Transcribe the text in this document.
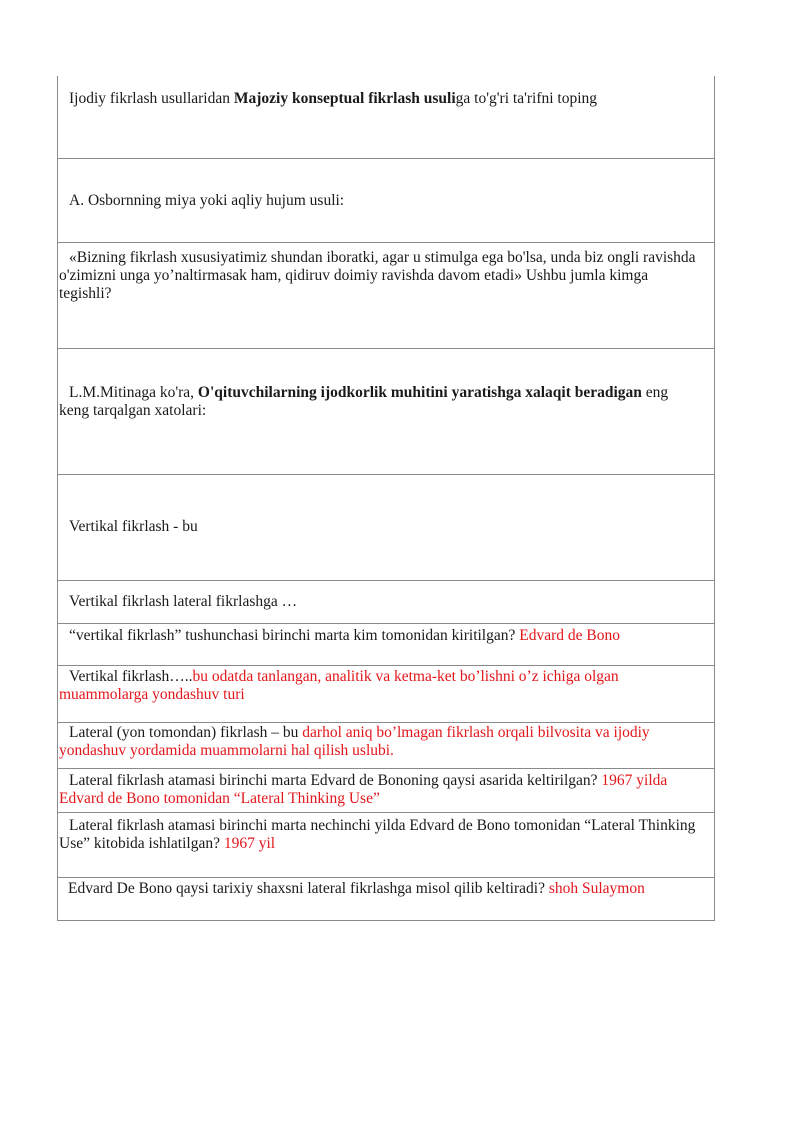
Ijodiy fikrlash usullaridan Majoziy konseptual fikrlash usuliga to'g'ri ta'rifni toping

A. Osbornning miya yoki aqliy hujum usuli:

«Bizning fikrlash xususiyatimiz shundan iboratki, agar u stimulga ega bo'lsa, unda biz ongli ravishda o'zimizni unga yo’naltirmasak ham, qidiruv doimiy ravishda davom etadi» Ushbu jumla kimga tegishli?

L.M.Mitinaga ko'ra, O'qituvchilarning ijodkorlik muhitini yaratishga xalaqit beradigan eng keng tarqalgan xatolari:

Vertikal fikrlash - bu

Vertikal fikrlash lateral fikrlashga …

“vertikal fikrlash” tushunchasi birinchi marta kim tomonidan kiritilgan? Edvard de Bono

Vertikal fikrlash…..bu odatda tanlangan, analitik va ketma-ket bo’lishni o’z ichiga olgan muammolarga yondashuv turi

Lateral (yon tomondan) fikrlash – bu darhol aniq bo’lmagan fikrlash orqali bilvosita va ijodiy yondashuv yordamida muammolarni hal qilish uslubi.

Lateral fikrlash atamasi birinchi marta Edvard de Bononing qaysi asarida keltirilgan? 1967 yilda Edvard de Bono tomonidan “Lateral Thinking Use”

Lateral fikrlash atamasi birinchi marta nechinchi yilda Edvard de Bono tomonidan “Lateral Thinking Use” kitobida ishlatilgan? 1967 yil

Edvard De Bono qaysi tarixiy shaxsni lateral fikrlashga misol qilib keltiradi? shoh Sulaymon
